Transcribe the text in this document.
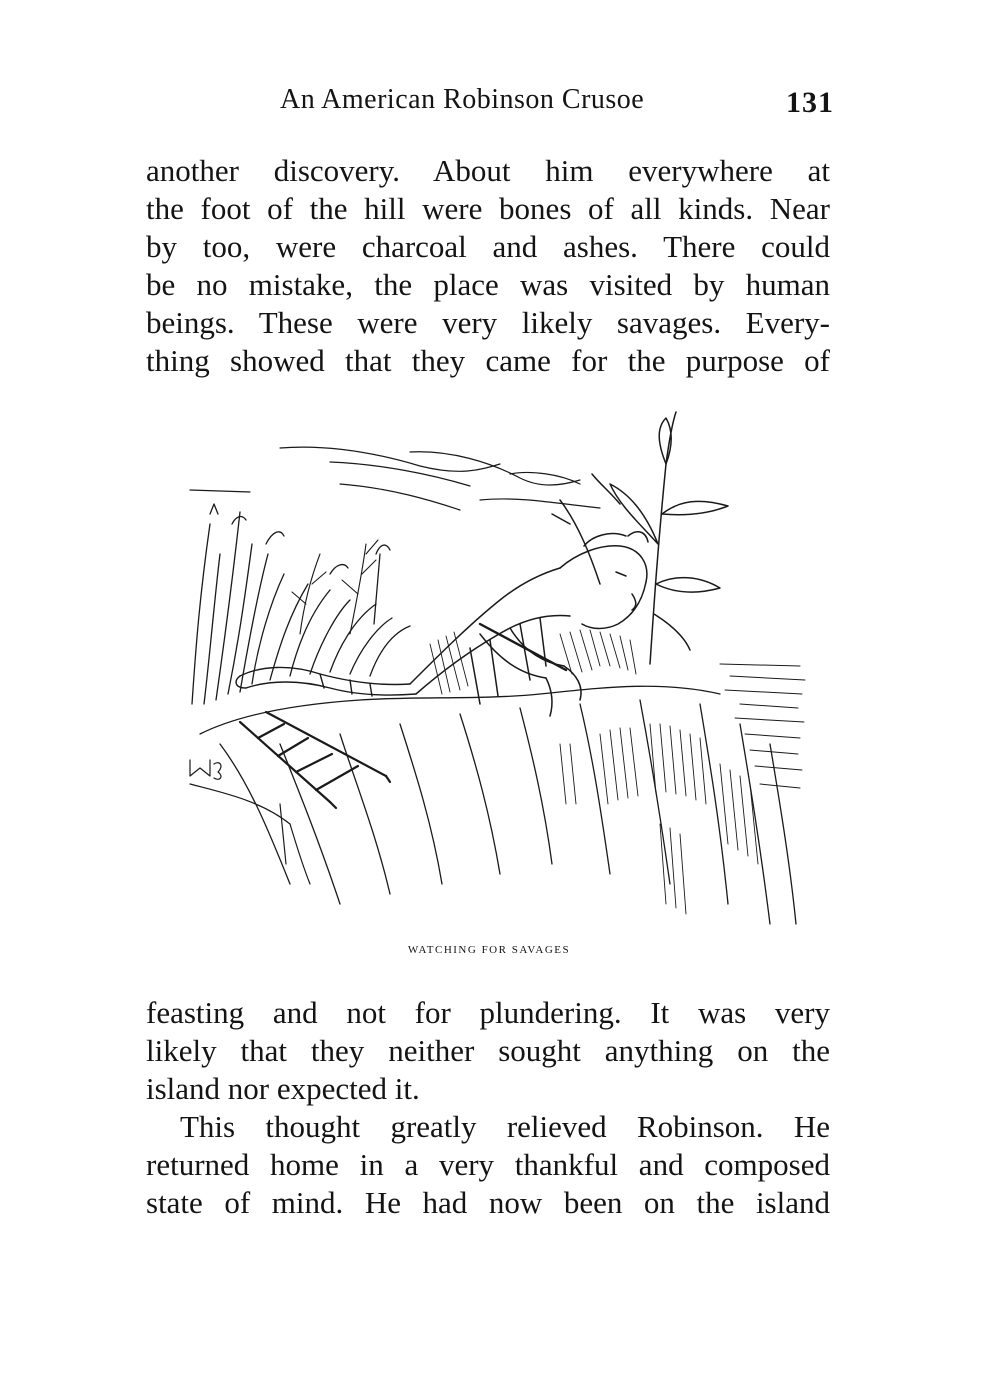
An American Robinson Crusoe	131
another discovery. About him everywhere at
the foot of the hill were bones of all kinds. Near
by too, were charcoal and ashes. There could
be no mistake, the place was visited by human
beings. These were very likely savages. Every-
thing showed that they came for the purpose of
WATCHING FOR SAVAGES
feasting and not for plundering. It was very
likely that they neither sought anything on the
island nor expected it.
This thought greatly relieved Robinson. He
returned home in a very thankful and composed
state of mind. He had now been on the island
